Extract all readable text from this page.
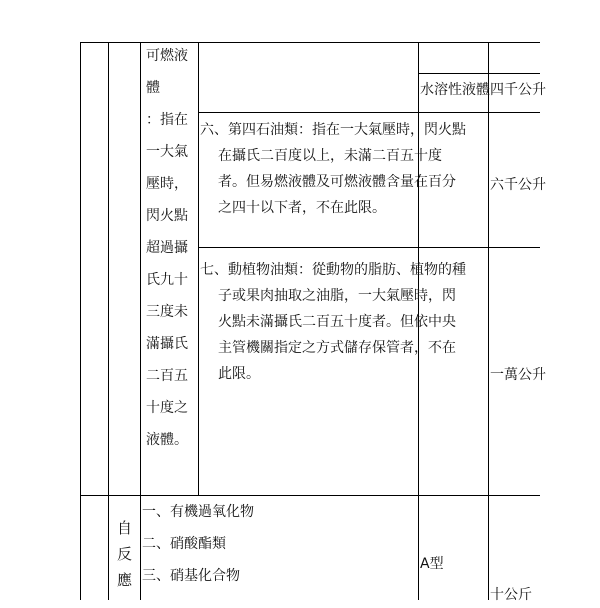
可燃液
體
：指在
一大氣
壓時，
閃火點
超過攝
氏九十
三度未
滿攝氏
二百五
十度之
液體。
水溶性液體 四千公升
六、第四石油類：指在一大氣壓時，閃火點
在攝氏二百度以上，未滿二百五十度
者。但易燃液體及可燃液體含量在百分
之四十以下者，不在此限。
六千公升
七、動植物油類：從動物的脂肪、植物的種
子或果肉抽取之油脂，一大氣壓時，閃
火點未滿攝氏二百五十度者。但依中央
主管機關指定之方式儲存保管者，不在
此限。	一萬公升
自
反
應
一、有機過氧化物
二、硝酸酯類
三、硝基化合物
A型
十公斤
